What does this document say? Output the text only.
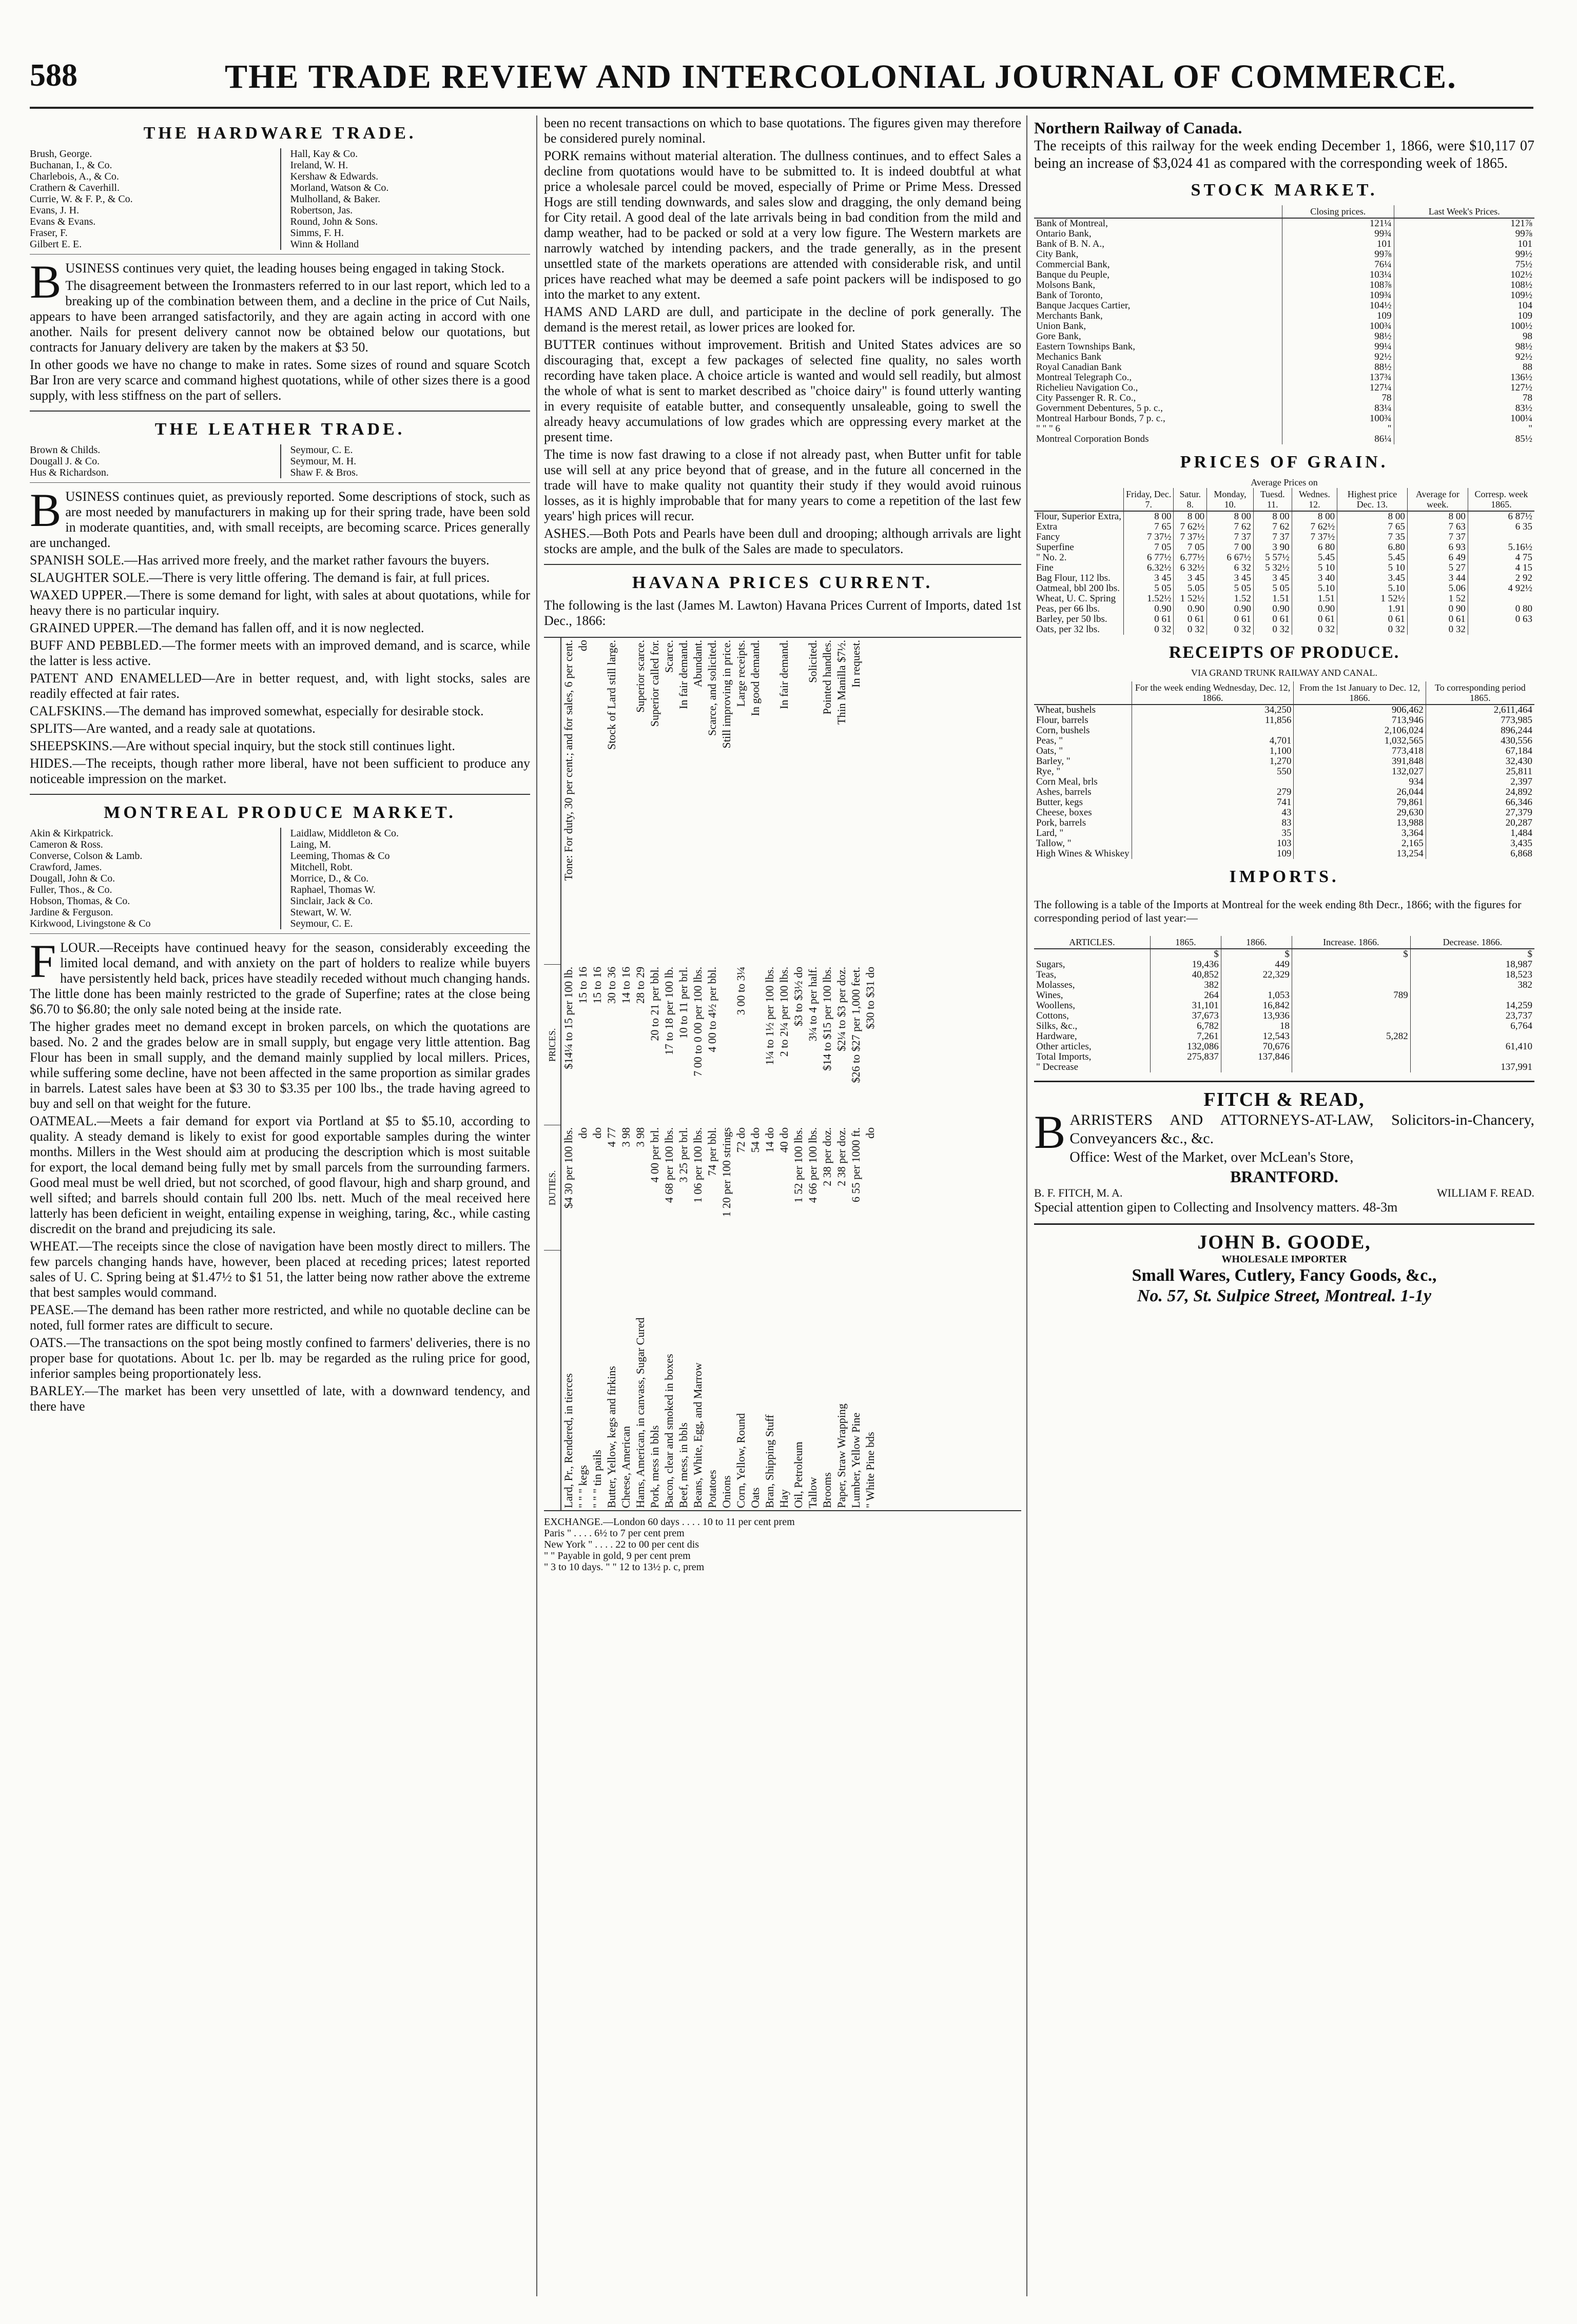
588	THE TRADE REVIEW AND INTERCOLONIAL JOURNAL OF COMMERCE.
THE HARDWARE TRADE.
Brush, George.
Buchanan, I., & Co.
Charlebois, A., & Co.
Crathern & Caverhill.
Currie, W. & F. P., & Co.
Evans, J. H.
Evans & Evans.
Fraser, F.
Gilbert E. E.
Hall, Kay & Co.
Ireland, W. H.
Kershaw & Edwards.
Morland, Watson & Co.
Mulholland, & Baker.
Robertson, Jas.
Round, John & Sons.
Simms, F. H.
Winn & Holland

BUSINESS continues very quiet, the leading houses being engaged in taking Stock.

The disagreement between the Ironmasters referred to in our last report, which led to a breaking up of the combination between them, and a decline in the price of Cut Nails, appears to have been arranged satisfactorily, and they are again acting in accord with one another. Nails for present delivery cannot now be obtained below our quotations, but contracts for January delivery are taken by the makers at $3 50.

In other goods we have no change to make in rates. Some sizes of round and square Scotch Bar Iron are very scarce and command highest quotations, while of other sizes there is a good supply, with less stiffness on the part of sellers.

THE LEATHER TRADE.
Brown & Childs.
Dougall J. & Co.
Hus & Richardson.
Seymour, C. E.
Seymour, M. H.
Shaw F. & Bros.

BUSINESS continues quiet, as previously reported. Some descriptions of stock, such as are most needed by manufacturers in making up for their spring trade, have been sold in moderate quantities, and, with small receipts, are becoming scarce. Prices generally are unchanged.

SPANISH SOLE.—Has arrived more freely, and the market rather favours the buyers.

SLAUGHTER SOLE.—There is very little offering. The demand is fair, at full prices.

WAXED UPPER.—There is some demand for light, with sales at about quotations, while for heavy there is no particular inquiry.

GRAINED UPPER.—The demand has fallen off, and it is now neglected.

BUFF AND PEBBLED.—The former meets with an improved demand, and is scarce, while the latter is less active.

PATENT AND ENAMELLED—Are in better request, and, with light stocks, sales are readily effected at fair rates.

CALFSKINS.—The demand has improved somewhat, especially for desirable stock.

SPLITS—Are wanted, and a ready sale at quotations.

SHEEPSKINS.—Are without special inquiry, but the stock still continues light.

HIDES.—The receipts, though rather more liberal, have not been sufficient to produce any noticeable impression on the market.

MONTREAL PRODUCE MARKET.
Akin & Kirkpatrick.
Cameron & Ross.
Converse, Colson & Lamb.
Crawford, James.
Dougall, John & Co.
Fuller, Thos., & Co.
Hobson, Thomas, & Co.
Jardine & Ferguson.
Kirkwood, Livingstone & Co
Laidlaw, Middleton & Co.
Laing, M.
Leeming, Thomas & Co
Mitchell, Robt.
Morrice, D., & Co.
Raphael, Thomas W.
Sinclair, Jack & Co.
Stewart, W. W.
Seymour, C. E.

FLOUR.—Receipts have continued heavy for the season, considerably exceeding the limited local demand, and with anxiety on the part of holders to realize while buyers have persistently held back, prices have steadily receded without much changing hands. The little done has been mainly restricted to the grade of Superfine; rates at the close being $6.70 to $6.80; the only sale noted being at the inside rate.

The higher grades meet no demand except in broken parcels, on which the quotations are based. No. 2 and the grades below are in small supply, but engage very little attention. Bag Flour has been in small supply, and the demand mainly supplied by local millers. Prices, while suffering some decline, have not been affected in the same proportion as similar grades in barrels. Latest sales have been at $3 30 to $3.35 per 100 lbs., the trade having agreed to buy and sell on that weight for the future.

OATMEAL.—Meets a fair demand for export via Portland at $5 to $5.10, according to quality. A steady demand is likely to exist for good exportable samples during the winter months. Millers in the West should aim at producing the description which is most suitable for export, the local demand being fully met by small parcels from the surrounding farmers. Good meal must be well dried, but not scorched, of good flavour, high and sharp ground, and well sifted; and barrels should contain full 200 lbs. nett. Much of the meal received here latterly has been deficient in weight, entailing expense in weighing, taring, &c., while casting discredit on the brand and prejudicing its sale.

WHEAT.—The receipts since the close of navigation have been mostly direct to millers. The few parcels changing hands have, however, been placed at receding prices; latest reported sales of U. C. Spring being at $1.47½ to $1 51, the latter being now rather above the extreme that best samples would command.

PEASE.—The demand has been rather more restricted, and while no quotable decline can be noted, full former rates are difficult to secure.

OATS.—The transactions on the spot being mostly confined to farmers' deliveries, there is no proper base for quotations. About 1c. per lb. may be regarded as the ruling price for good, inferior samples being proportionately less.

BARLEY.—The market has been very unsettled of late, with a downward tendency, and there have

been no recent transactions on which to base quotations. The figures given may therefore be considered purely nominal.

PORK remains without material alteration. The dullness continues, and to effect Sales a decline from quotations would have to be submitted to. It is indeed doubtful at what price a wholesale parcel could be moved, especially of Prime or Prime Mess. Dressed Hogs are still tending downwards, and sales slow and dragging, the only demand being for City retail. A good deal of the late arrivals being in bad condition from the mild and damp weather, had to be packed or sold at a very low figure. The Western markets are narrowly watched by intending packers, and the trade generally, as in the present unsettled state of the markets operations are attended with considerable risk, and until prices have reached what may be deemed a safe point packers will be indisposed to go into the market to any extent.

HAMS AND LARD are dull, and participate in the decline of pork generally. The demand is the merest retail, as lower prices are looked for.

BUTTER continues without improvement. British and United States advices are so discouraging that, except a few packages of selected fine quality, no sales worth recording have taken place. A choice article is wanted and would sell readily, but almost the whole of what is sent to market described as "choice dairy" is found utterly wanting in every requisite of eatable butter, and consequently unsaleable, going to swell the already heavy accumulations of low grades which are oppressing every market at the present time.

The time is now fast drawing to a close if not already past, when Butter unfit for table use will sell at any price beyond that of grease, and in the future all concerned in the trade will have to make quality not quantity their study if they would avoid ruinous losses, as it is highly improbable that for many years to come a repetition of the last few years' high prices will recur.

ASHES.—Both Pots and Pearls have been dull and drooping; although arrivals are light stocks are ample, and the bulk of the Sales are made to speculators.

HAVANA PRICES CURRENT.

The following is the last (James M. Lawton) Havana Prices Current of Imports, dated 1st Dec., 1866:

	DUTIES.	PRICES.	
Lard, Pr., Rendered, in tierces	$4 30 per 100 lbs.	$14¼ to 15 per 100 lb.	Tone: For duty, 30 per cent.; and for sales, 6 per cent.
" " " kegs	do	15 to 16	do
" " " tin pails	do	15 to 16	
Butter, Yellow, kegs and firkins	4 77	30 to 36	Stock of Lard still large.
Cheese, American	3 98	14 to 16	
Hams, American, in canvass, Sugar Cured	3 98	28 to 29	Superior scarce.
Pork, mess in bbls	4 00 per brl.	20 to 21 per bbl.	Superior called for.
Bacon, clear and smoked in boxes	4 68 per 100 lbs.	17 to 18 per 100 lb.	Scarce.
Beef, mess, in bbls	3 25 per brl.	10 to 11 per brl.	In fair demand.
Beans, White, Egg, and Marrow	1 06 per 100 lbs.	7 00 to 0 00 per 100 lbs.	Abundant.
Potatoes	74 per bbl.	4 00 to 4½ per bbl.	Scarce, and solicited.
Onions	1 20 per 100 strings		Still improving in price.
Corn, Yellow, Round	72 do	3 00 to 3¼	Large receipts.
Oats	54 do		In good demand.
Bran, Shipping Stuff	14 do	1¼ to 1½ per 100 lbs.	
Hay	40 do	2 to 2¼ per 100 lbs.	In fair demand.
Oil, Petroleum	1 52 per 100 lbs.	$3 to $3½ do	
Tallow	4 66 per 100 lbs.	3¼ to 4 per half.	Solicited.
Brooms	2 38 per doz.	$14 to $15 per 100 lbs.	Pointed handles.
Paper, Straw Wrapping	2 38 per doz.	$2¼ to $3 per doz.	Thin Manilla $7½.
Lumber, Yellow Pine	6 55 per 1000 ft.	$26 to $27 per 1,000 feet.	In request.
" White Pine bds	do	$30 to $31 do	
EXCHANGE.—London 60 days . . . . 10 to 11 per cent prem
Paris " . . . . 6½ to 7 per cent prem
New York " . . . . 22 to 00 per cent dis
" " Payable in gold, 9 per cent prem
" 3 to 10 days. " " 12 to 13½ p. c, prem
Northern Railway of Canada.

The receipts of this railway for the week ending December 1, 1866, were $10,117 07 being an increase of $3,024 41 as compared with the corresponding week of 1865.

STOCK MARKET.
	Closing prices.	Last Week's Prices.
Bank of Montreal,	121¼	121⅞
Ontario Bank,	99¾	99⅞
Bank of B. N. A.,	101	101
City Bank,	99⅞	99½
Commercial Bank,	76¼	75½
Banque du Peuple,	103¼	102½
Molsons Bank,	108⅞	108½
Bank of Toronto,	109¾	109½
Banque Jacques Cartier,	104½	104
Merchants Bank,	109	109
Union Bank,	100¾	100½
Gore Bank,	98½	98
Eastern Townships Bank,	99¼	98½
Mechanics Bank	92½	92½
Royal Canadian Bank	88½	88
Montreal Telegraph Co.,	137¾	136½
Richelieu Navigation Co.,	127¼	127½
City Passenger R. R. Co.,	78	78
Government Debentures, 5 p. c.,	83¼	83½
Montreal Harbour Bonds, 7 p. c.,	100¾	100¼
" " " 6	"	"
Montreal Corporation Bonds	86¼	85½
PRICES OF GRAIN.
Average Prices on
	Friday, Dec. 7.	Satur. 8.	Monday, 10.	Tuesd. 11.	Wednes. 12.	Highest price Dec. 13.	Average for week.	Corresp. week 1865.
Flour, Superior Extra,	8 00	8 00	8 00	8 00	8 00	8 00	8 00	6 87½
Extra	7 65	7 62½	7 62	7 62	7 62½	7 65	7 63	6 35
Fancy	7 37½	7 37½	7 37	7 37	7 37½	7 35	7 37	
Superfine	7 05	7 05	7 00	3 90	6 80	6.80	6 93	5.16½
" No. 2.	6 77½	6.77½	6 67½	5 57½	5.45	5.45	6 49	4 75
Fine	6.32½	6 32½	6 32	5 32½	5 10	5 10	5 27	4 15
Bag Flour, 112 lbs.	3 45	3 45	3 45	3 45	3 40	3.45	3 44	2 92
Oatmeal, bbl 200 lbs.	5 05	5.05	5 05	5 05	5.10	5.10	5.06	4 92½
Wheat, U. C. Spring	1.52½	1 52½	1.52	1.51	1.51	1 52½	1 52	
Peas, per 66 lbs.	0.90	0.90	0.90	0.90	0.90	1.91	0 90	0 80
Barley, per 50 lbs.	0 61	0 61	0 61	0 61	0 61	0 61	0 61	0 63
Oats, per 32 lbs.	0 32	0 32	0 32	0 32	0 32	0 32	0 32	
RECEIPTS OF PRODUCE.
VIA GRAND TRUNK RAILWAY AND CANAL.
	For the week ending Wednesday, Dec. 12, 1866.	From the 1st January to Dec. 12, 1866.	To corresponding period 1865.
Wheat, bushels	34,250	906,462	2,611,464
Flour, barrels	11,856	713,946	773,985
Corn, bushels		2,106,024	896,244
Peas, "	4,701	1,032,565	430,556
Oats, "	1,100	773,418	67,184
Barley, "	1,270	391,848	32,430
Rye, "	550	132,027	25,811
Corn Meal, brls		934	2,397
Ashes, barrels	279	26,044	24,892
Butter, kegs	741	79,861	66,346
Cheese, boxes	43	29,630	27,379
Pork, barrels	83	13,988	20,287
Lard, "	35	3,364	1,484
Tallow, "	103	2,165	3,435
High Wines & Whiskey	109	13,254	6,868
IMPORTS.

The following is a table of the Imports at Montreal for the week ending 8th Decr., 1866; with the figures for corresponding period of last year:—

ARTICLES.	1865.	1866.	Increase. 1866.	Decrease. 1866.
	$	$	$	$
Sugars,	19,436	449		18,987
Teas,	40,852	22,329		18,523
Molasses,	382			382
Wines,	264	1,053	789	
Woollens,	31,101	16,842		14,259
Cottons,	37,673	13,936		23,737
Silks, &c.,	6,782	18		6,764
Hardware,	7,261	12,543	5,282	
Other articles,	132,086	70,676		61,410
Total Imports,	275,837	137,846		
" Decrease				137,991
FITCH & READ,

BARRISTERS AND ATTORNEYS-AT-LAW, Solicitors-in-Chancery, Conveyancers &c., &c.

Office: West of the Market, over McLean's Store,
BRANTFORD.
B. F. FITCH, M. A.	WILLIAM F. READ.
Special attention gipen to Collecting and Insolvency matters. 48-3m
JOHN B. GOODE,
WHOLESALE IMPORTER
Small Wares, Cutlery, Fancy Goods, &c.,
No. 57, St. Sulpice Street, Montreal. 1-1y
